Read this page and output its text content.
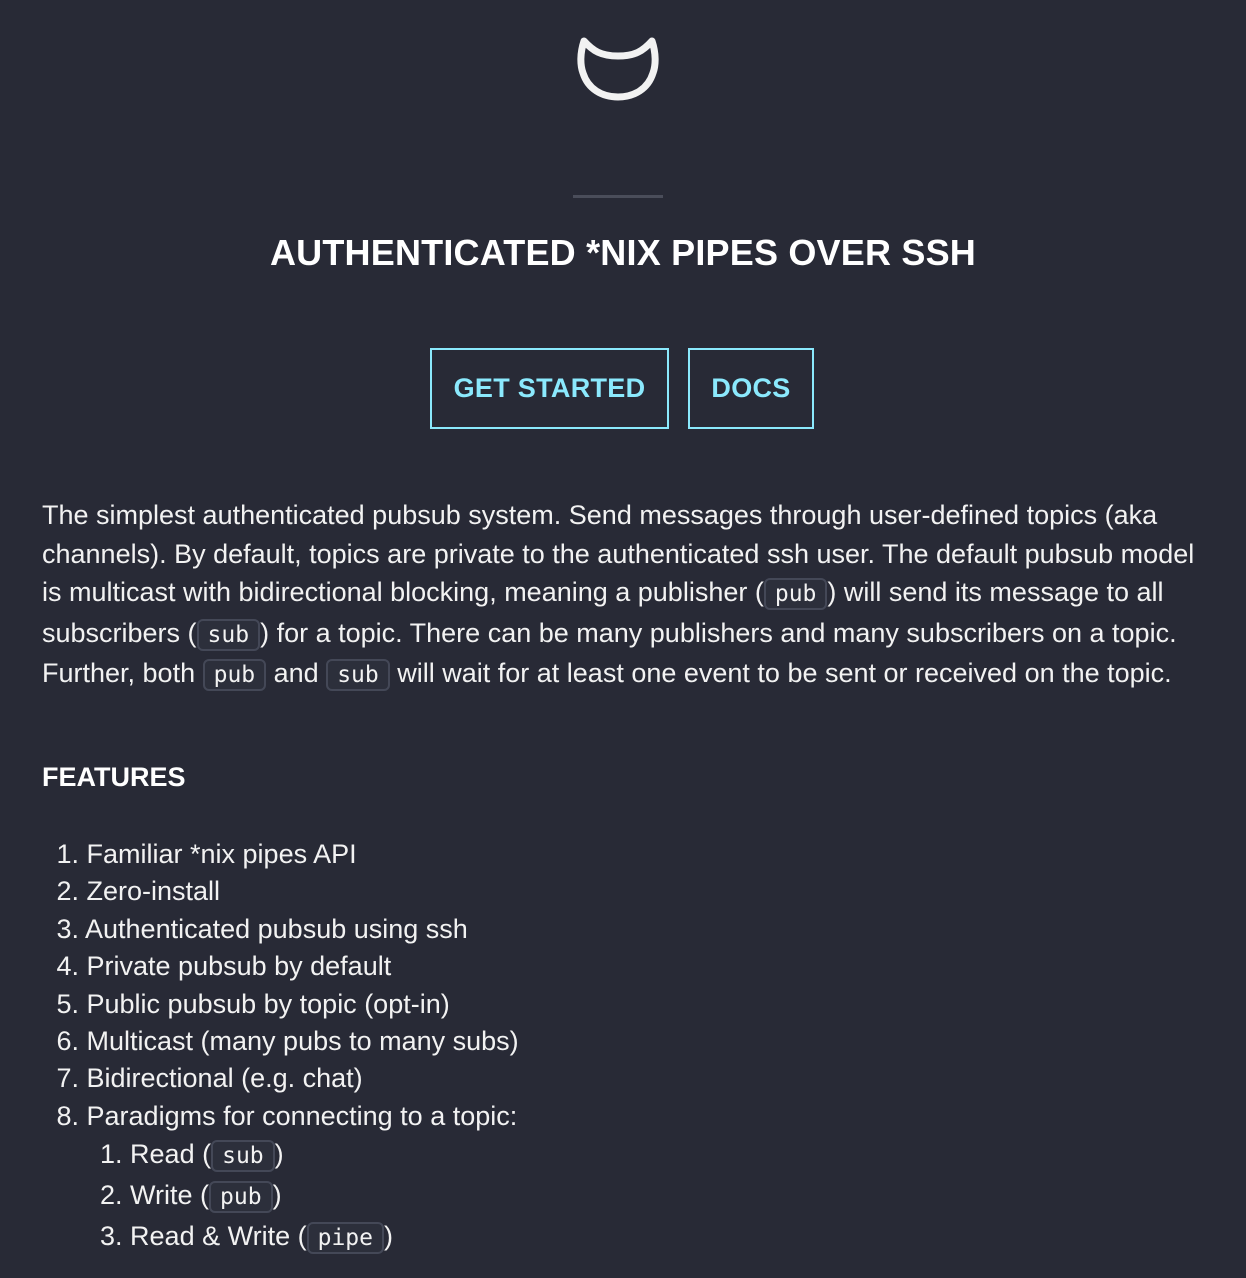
AUTHENTICATED *NIX PIPES OVER SSH
GET STARTED	DOCS

The simplest authenticated pubsub system. Send messages through user-defined topics (aka channels). By default, topics are private to the authenticated ssh user. The default pubsub model is multicast with bidirectional blocking, meaning a publisher ( pub ) will send its message to all subscribers ( sub ) for a topic. There can be many publishers and many subscribers on a topic. Further, both pub and sub will wait for at least one event to be sent or received on the topic.

FEATURES
1. Familiar *nix pipes API
2. Zero-install
3. Authenticated pubsub using ssh
4. Private pubsub by default
5. Public pubsub by topic (opt-in)
6. Multicast (many pubs to many subs)
7. Bidirectional (e.g. chat)
8. Paradigms for connecting to a topic:
1. Read ( sub )
2. Write ( pub )
3. Read & Write ( pipe )
